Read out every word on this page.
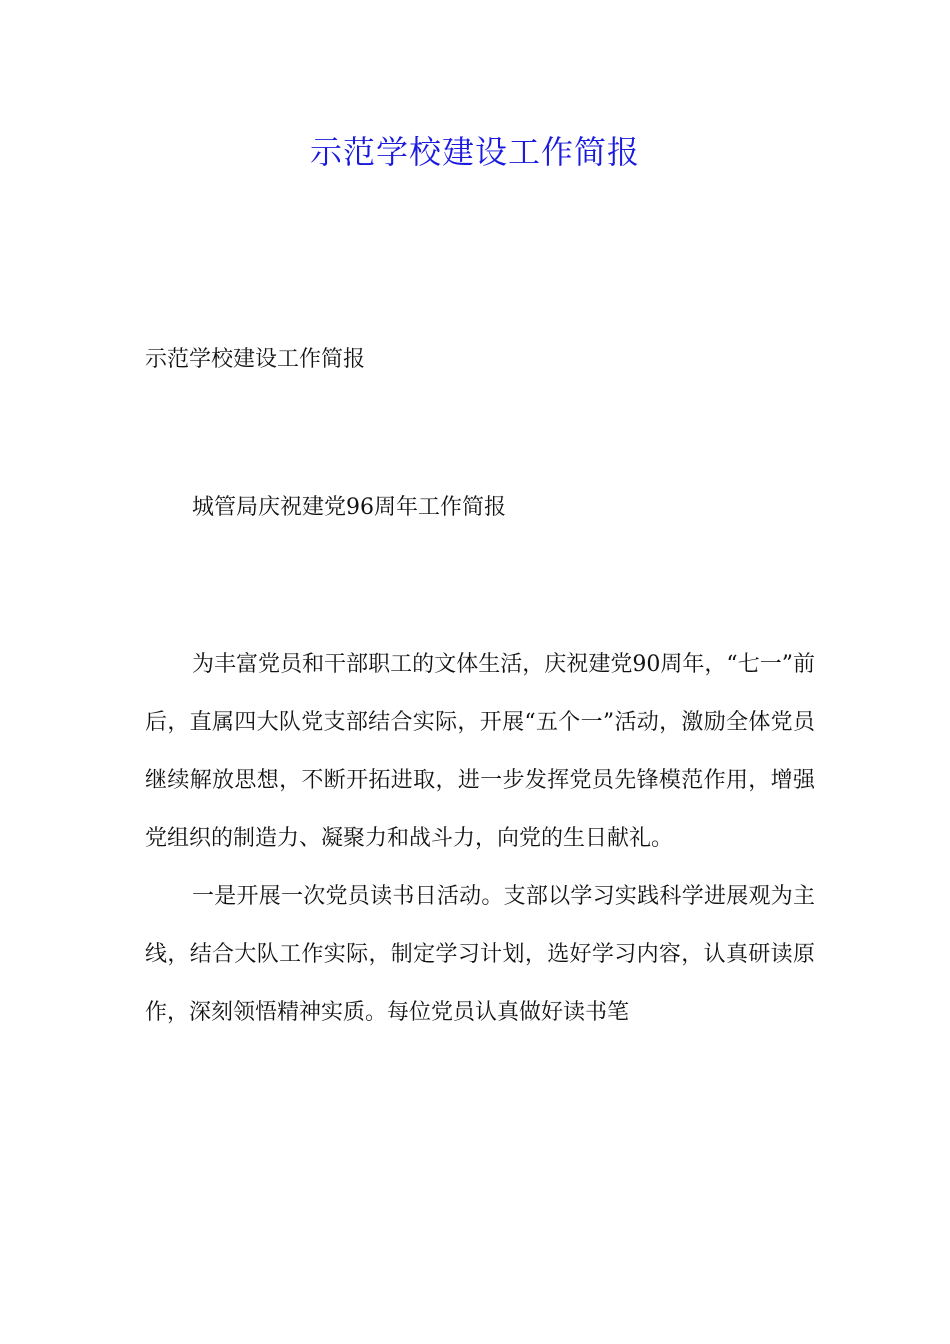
示范学校建设工作简报
示范学校建设工作简报
城管局庆祝建党96周年工作简报

为丰富党员和干部职工的文体生活，庆祝建党90周年，“七一”前后，直属四大队党支部结合实际，开展“五个一”活动，激励全体党员继续解放思想，不断开拓进取，进一步发挥党员先锋模范作用，增强党组织的制造力、凝聚力和战斗力，向党的生日献礼。

一是开展一次党员读书日活动。支部以学习实践科学进展观为主线，结合大队工作实际，制定学习计划，选好学习内容，认真研读原作，深刻领悟精神实质。每位党员认真做好读书笔
